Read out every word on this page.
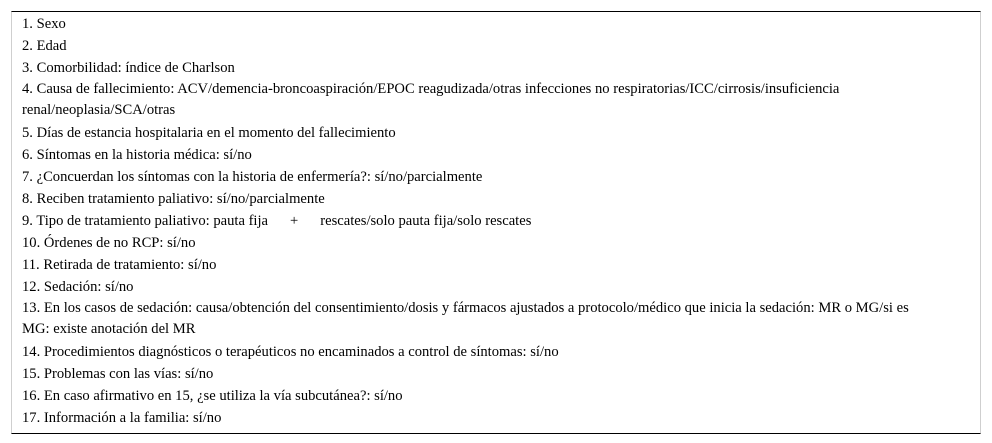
1. Sexo
2. Edad
3. Comorbilidad: índice de Charlson
4. Causa de fallecimiento: ACV/demencia-broncoaspiración/EPOC reagudizada/otras infecciones no respiratorias/ICC/cirrosis/insuficiencia renal/neoplasia/SCA/otras
5. Días de estancia hospitalaria en el momento del fallecimiento
6. Síntomas en la historia médica: sí/no
7. ¿Concuerdan los síntomas con la historia de enfermería?: sí/no/parcialmente
8. Reciben tratamiento paliativo: sí/no/parcialmente
9. Tipo de tratamiento paliativo: pauta fija + rescates/solo pauta fija/solo rescates
10. Órdenes de no RCP: sí/no
11. Retirada de tratamiento: sí/no
12. Sedación: sí/no
13. En los casos de sedación: causa/obtención del consentimiento/dosis y fármacos ajustados a protocolo/médico que inicia la sedación: MR o MG/si es MG: existe anotación del MR
14. Procedimientos diagnósticos o terapéuticos no encaminados a control de síntomas: sí/no
15. Problemas con las vías: sí/no
16. En caso afirmativo en 15, ¿se utiliza la vía subcutánea?: sí/no
17. Información a la familia: sí/no
